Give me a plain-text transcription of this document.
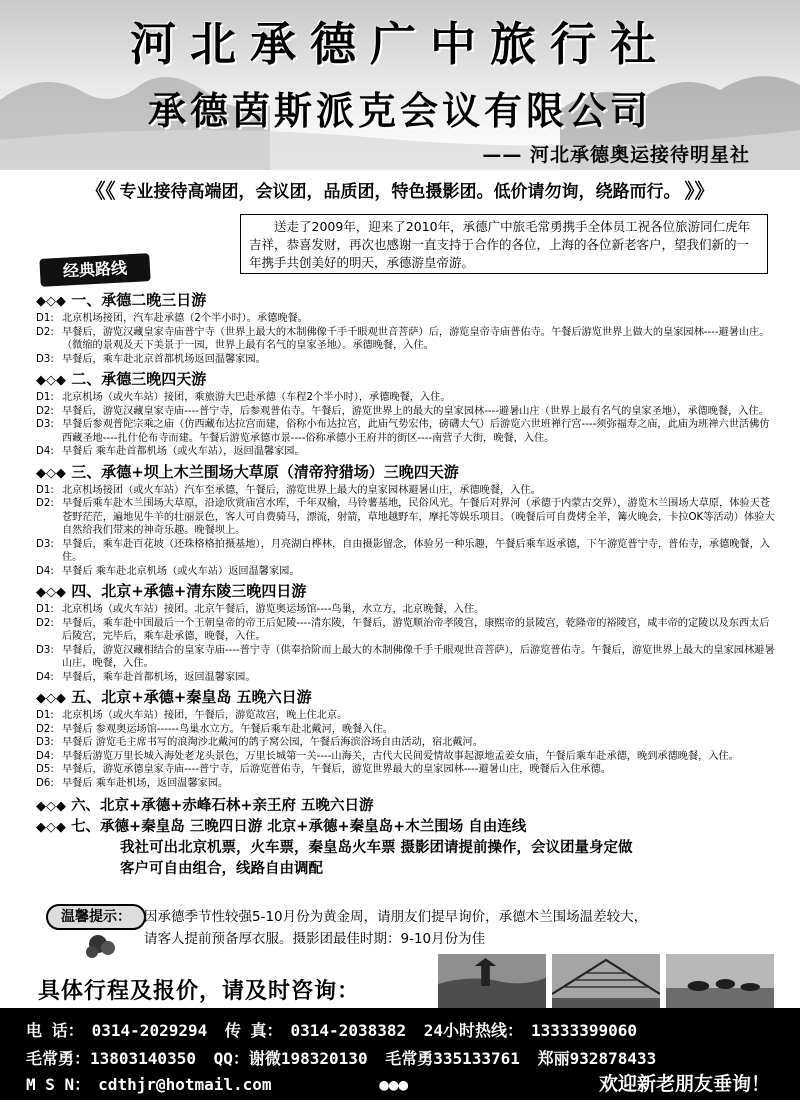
河北承德广中旅行社
承德茵斯派克会议有限公司
—— 河北承德奥运接待明星社
《《 专业接待高端团，会议团，品质团，特色摄影团。低价请勿询，绕路而行。 》》
送走了2009年，迎来了2010年，承德广中旅毛常勇携手全体员工祝各位旅游同仁虎年吉祥，恭喜发财，再次也感谢一直支持于合作的各位，上海的各位新老客户，望我们新的一年携手共创美好的明天，承德游皇帝游。
经典路线
◆◇◆ 一、承德二晚三日游
D1: 北京机场接团，汽车赴承德（2个半小时）。承德晚餐。
D2: 早餐后，游览汉藏皇家寺庙普宁寺（世界上最大的木制佛像千手千眼观世音菩萨）后，游览皇帝寺庙普佑寺。午餐后游览世界上做大的皇家园林----避暑山庄。（微缩的景观及天下美景于一园，世界上最有名气的皇家圣地）。承德晚餐，入住。
D3: 早餐后，乘车赴北京首都机场返回温馨家园。
◆◇◆ 二、承德三晚四天游
D1: 北京机场（或火车站）接团，乘旅游大巴赴承德（车程2个半小时），承德晚餐，入住。
D2: 早餐后，游览汉藏皇家寺庙----普宁寺，后参观普佑寺。午餐后，游览世界上的最大的皇家园林----避暑山庄（世界上最有名气的皇家圣地），承德晚餐，入住。
D3: 早餐后参观普陀宗乘之庙（仿西藏布达拉宫而建，俗称小布达拉宫，此庙气势宏伟，磅礴大气）后游览六世班禅行宫----须弥福寿之庙，此庙为班禅六世活佛仿西藏圣地----扎什伦布寺而建。午餐后游览承德市景----俗称承德小王府井的街区----南营子大街，晚餐，入住。
D4: 早餐后 乘车赴首都机场（或火车站），返回温馨家园。
◆◇◆ 三、承德+坝上木兰围场大草原（清帝狩猎场）三晚四天游
D1: 北京机场接团（或火车站）汽车至承德，午餐后，游览世界上最大的皇家园林避暑山庄，承德晚餐，入住。
D2: 早餐后乘车赴木兰围场大草原，沿途欣赏庙宫水库，千年双榆，马铃薯基地，民俗风光。午餐后对界河（承德于内蒙古交界），游览木兰围场大草原，体验天苍苍野茫茫，遍地见牛羊的壮丽景色，客人可自费骑马，漂流，射箭，草地越野车，摩托等娱乐项目。（晚餐后可自费烤全羊，篝火晚会，卡拉OK等活动）体验大自然给我们带来的神奇乐趣。晚餐坝上。
D3: 早餐后，乘车赴百花坡（还珠格格拍摄基地），月亮湖白桦林，自由摄影留念，体验另一种乐趣，午餐后乘车返承德，下午游览普宁寺，普佑寺，承德晚餐，入住。
D4: 早餐后 乘车赴北京机场（或火车站）返回温馨家园。
◆◇◆ 四、北京+承德+清东陵三晚四日游
D1: 北京机场（或火车站）接团。北京午餐后，游览奥运场馆----鸟巢，水立方，北京晚餐，入住。
D2: 早餐后，乘车赴中国最后一个王朝皇帝的帝王后妃陵----清东陵，午餐后，游览顺治帝孝陵宫，康熙帝的景陵宫，乾隆帝的裕陵宫，咸丰帝的定陵以及东西太后后陵宫，完毕后，乘车赴承德，晚餐，入住。
D3: 早餐后，游览汉藏相结合的皇家寺庙----普宁寺（供奉拾阶而上最大的木制佛像千手千眼观世音菩萨），后游览普佑寺。午餐后，游览世界上最大的皇家园林避暑山庄，晚餐，入住。
D4: 早餐后，乘车赴首都机场，返回温馨家园。
◆◇◆ 五、北京+承德+秦皇岛 五晚六日游
D1: 北京机场（或火车站）接团，午餐后，游览故宫，晚上住北京。
D2: 早餐后 参观奥运场馆------鸟巢水立方。午餐后乘车赴北戴河，晚餐入住。
D3: 早餐后 游览毛主席书写的浪淘沙北戴河的鸽子窝公园，午餐后海滨浴场自由活动，宿北戴河。
D4: 早餐后游览万里长城入海处老龙头景色，万里长城第一关----山海关，古代大民间爱情故事起源地孟姜女庙，午餐后乘车赴承德，晚到承德晚餐，入住。
D5: 早餐后，游览承德皇家寺庙----普宁寺，后游览普佑寺，午餐后，游览世界最大的皇家园林----避暑山庄，晚餐后入住承德。
D6: 早餐后 乘车赴机场，返回温馨家园。
◆◇◆ 六、北京+承德+赤峰石林+亲王府 五晚六日游
◆◇◆ 七、承德+秦皇岛 三晚四日游 北京+承德+秦皇岛+木兰围场 自由连线
我社可出北京机票，火车票，秦皇岛火车票 摄影团请提前操作，会议团量身定做
客户可自由组合，线路自由调配
温馨提示： 因承德季节性较强5-10月份为黄金周，请朋友们提早询价，承德木兰围场温差较大，
请客人提前预备厚衣服。摄影团最佳时期：9-10月份为佳
具体行程及报价，请及时咨询：
电 话： 0314-2029294 传 真： 0314-2038382 24小时热线： 13333399060
毛常勇：13803140350 QQ：谢微198320130 毛常勇335133761 郑丽932878433
M S N： cdthjr@hotmail.com	●●●	欢迎新老朋友垂询！
